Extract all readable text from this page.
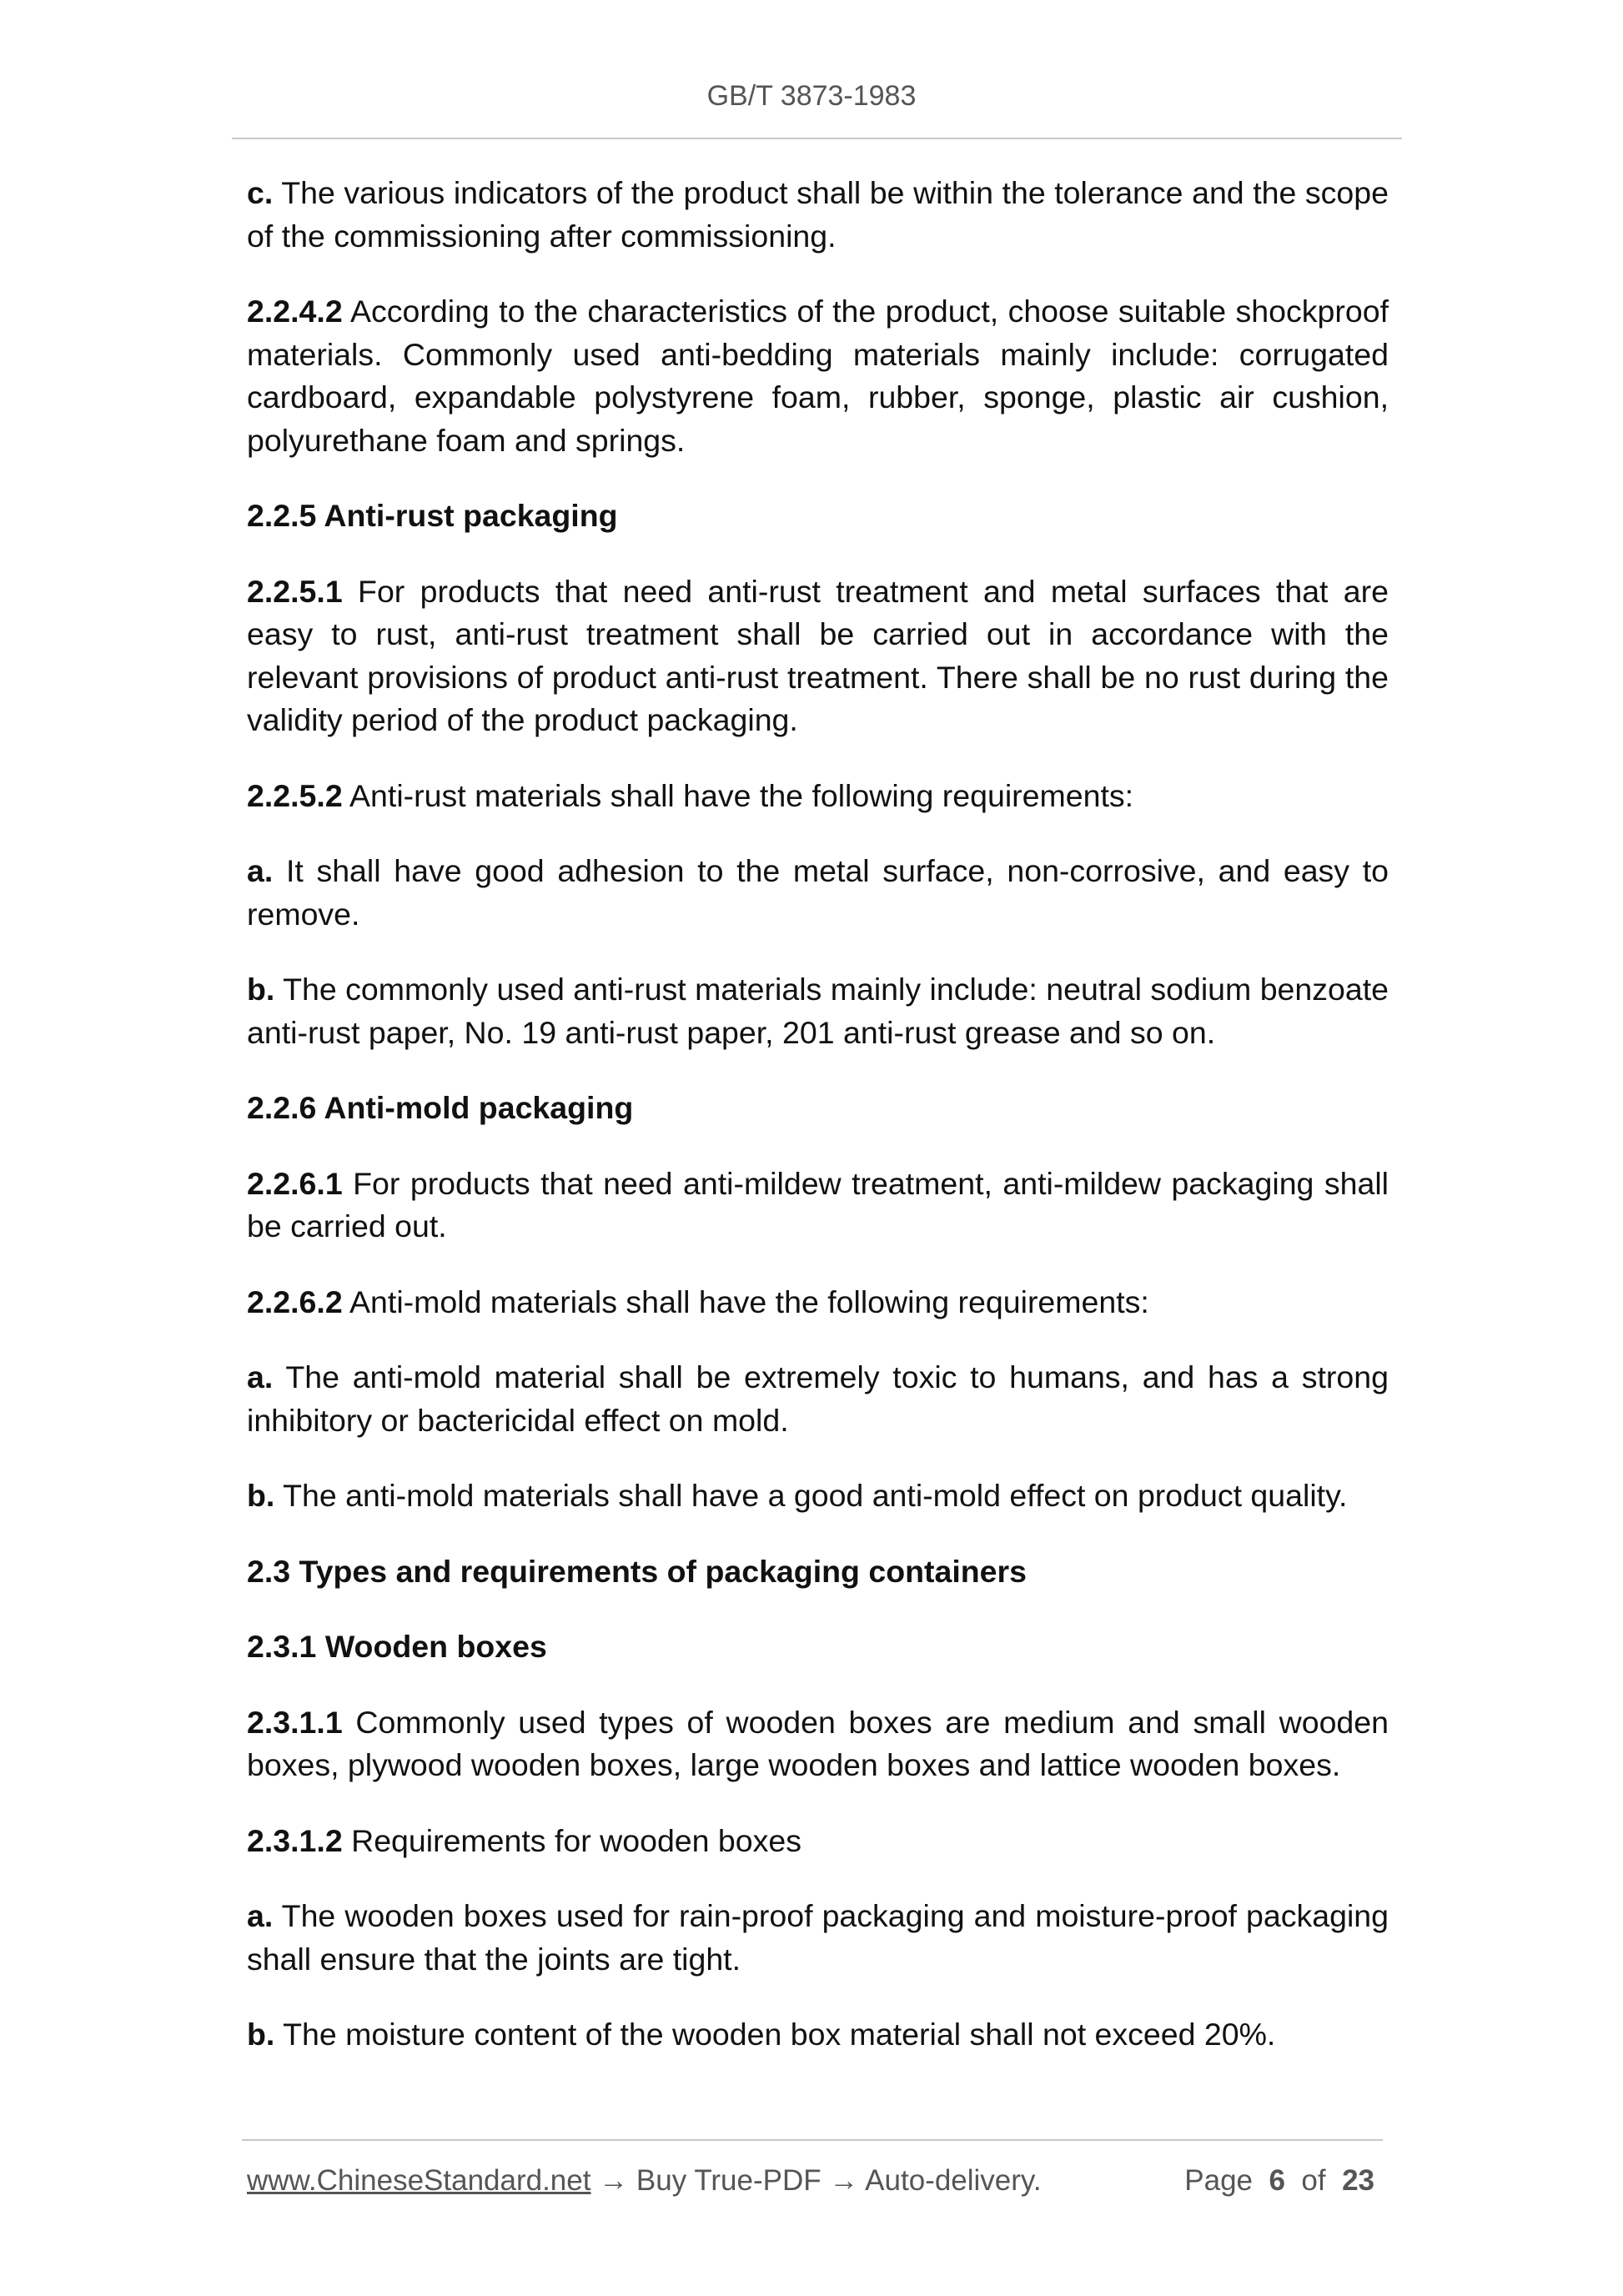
GB/T 3873-1983

c. The various indicators of the product shall be within the tolerance and the scope of the commissioning after commissioning.

2.2.4.2 According to the characteristics of the product, choose suitable shockproof materials. Commonly used anti-bedding materials mainly include: corrugated cardboard, expandable polystyrene foam, rubber, sponge, plastic air cushion, polyurethane foam and springs.

2.2.5 Anti-rust packaging

2.2.5.1 For products that need anti-rust treatment and metal surfaces that are easy to rust, anti-rust treatment shall be carried out in accordance with the relevant provisions of product anti-rust treatment. There shall be no rust during the validity period of the product packaging.

2.2.5.2 Anti-rust materials shall have the following requirements:

a. It shall have good adhesion to the metal surface, non-corrosive, and easy to remove.

b. The commonly used anti-rust materials mainly include: neutral sodium benzoate anti-rust paper, No. 19 anti-rust paper, 201 anti-rust grease and so on.

2.2.6 Anti-mold packaging

2.2.6.1 For products that need anti-mildew treatment, anti-mildew packaging shall be carried out.

2.2.6.2 Anti-mold materials shall have the following requirements:

a. The anti-mold material shall be extremely toxic to humans, and has a strong inhibitory or bactericidal effect on mold.

b. The anti-mold materials shall have a good anti-mold effect on product quality.

2.3 Types and requirements of packaging containers

2.3.1 Wooden boxes

2.3.1.1 Commonly used types of wooden boxes are medium and small wooden boxes, plywood wooden boxes, large wooden boxes and lattice wooden boxes.

2.3.1.2 Requirements for wooden boxes

a. The wooden boxes used for rain-proof packaging and moisture-proof packaging shall ensure that the joints are tight.

b. The moisture content of the wooden box material shall not exceed 20%.

www.ChineseStandard.net → Buy True-PDF → Auto-delivery.	Page 6 of 23
